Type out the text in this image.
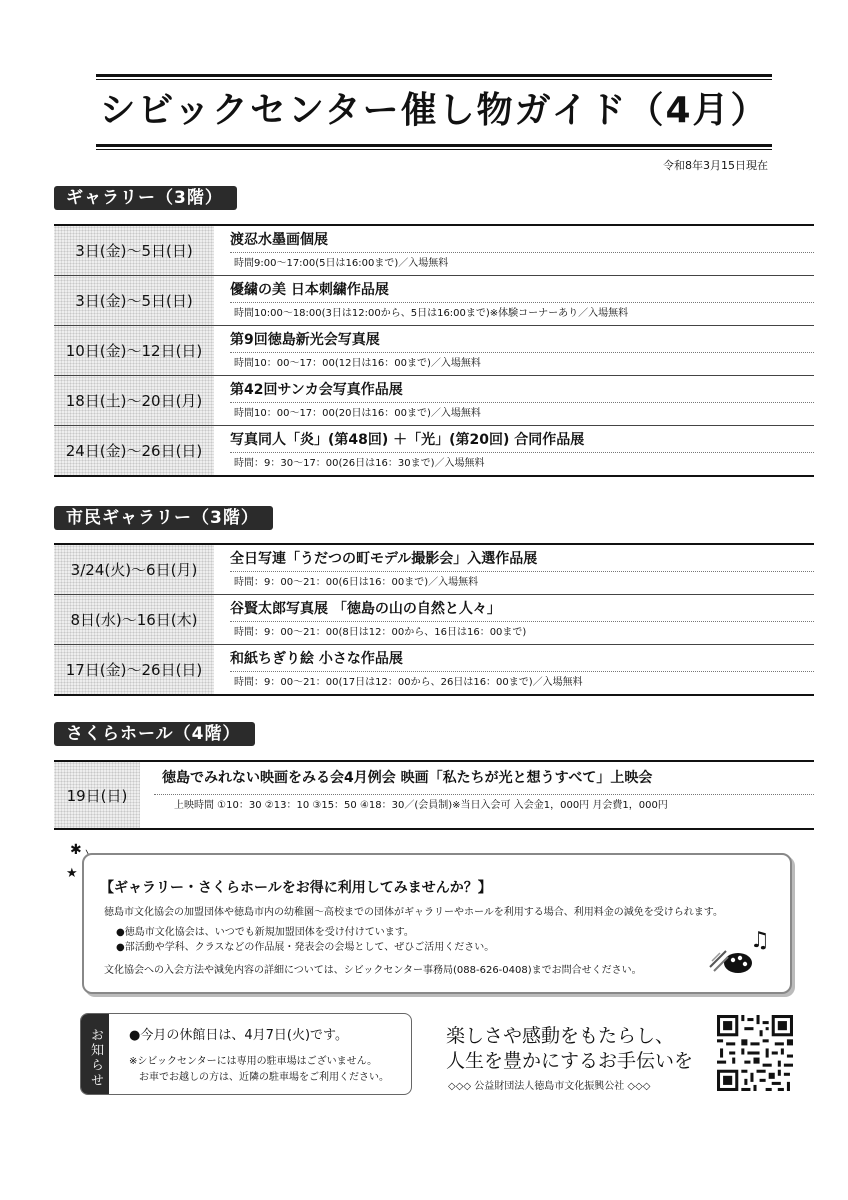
シビックセンター催し物ガイド（4月）
令和8年3月15日現在
ギャラリー（3階）
3日(金)～5日(日)
渡忍水墨画個展
時間9:00～17:00(5日は16:00まで)／入場無料
3日(金)～5日(日)
優繍の美 日本刺繍作品展
時間10:00～18:00(3日は12:00から、5日は16:00まで)※体験コーナーあり／入場無料
10日(金)～12日(日)
第9回徳島新光会写真展
時間10：00～17：00(12日は16：00まで)／入場無料
18日(土)～20日(月)
第42回サンカ会写真作品展
時間10：00～17：00(20日は16：00まで)／入場無料
24日(金)～26日(日)
写真同人「炎」(第48回) ＋「光」(第20回) 合同作品展
時間：9：30～17：00(26日は16：30まで)／入場無料
市民ギャラリー（3階）
3/24(火)～6日(月)
全日写連「うだつの町モデル撮影会」入選作品展
時間：9：00～21：00(6日は16：00まで)／入場無料
8日(水)～16日(木)
谷賢太郎写真展 「徳島の山の自然と人々」
時間：9：00～21：00(8日は12：00から、16日は16：00まで)
17日(金)～26日(日)
和紙ちぎり絵 小さな作品展
時間：9：00～21：00(17日は12：00から、26日は16：00まで)／入場無料
さくらホール（4階）
19日(日)
徳島でみれない映画をみる会4月例会 映画「私たちが光と想うすべて」上映会
上映時間 ①10：30 ②13：10 ③15：50 ④18：30／(会員制)※当日入会可 入会金1，000円 月会費1，000円
✱
★
【ギャラリー・さくらホールをお得に利用してみませんか？】
徳島市文化協会の加盟団体や徳島市内の幼稚園～高校までの団体がギャラリーやホールを利用する場合、利用料金の減免を受けられます。
●徳島市文化協会は、いつでも新規加盟団体を受け付けています。
●部活動や学科、クラスなどの作品展・発表会の会場として、ぜひご活用ください。
文化協会への入会方法や減免内容の詳細については、シビックセンター事務局(088-626-0408)までお問合せください。
♫
お知らせ	●今月の休館日は、4月7日(火)です。
※シビックセンターには専用の駐車場はございません。
お車でお越しの方は、近隣の駐車場をご利用ください。
楽しさや感動をもたらし、
人生を豊かにするお手伝いを
◇◇◇ 公益財団法人徳島市文化振興公社 ◇◇◇
